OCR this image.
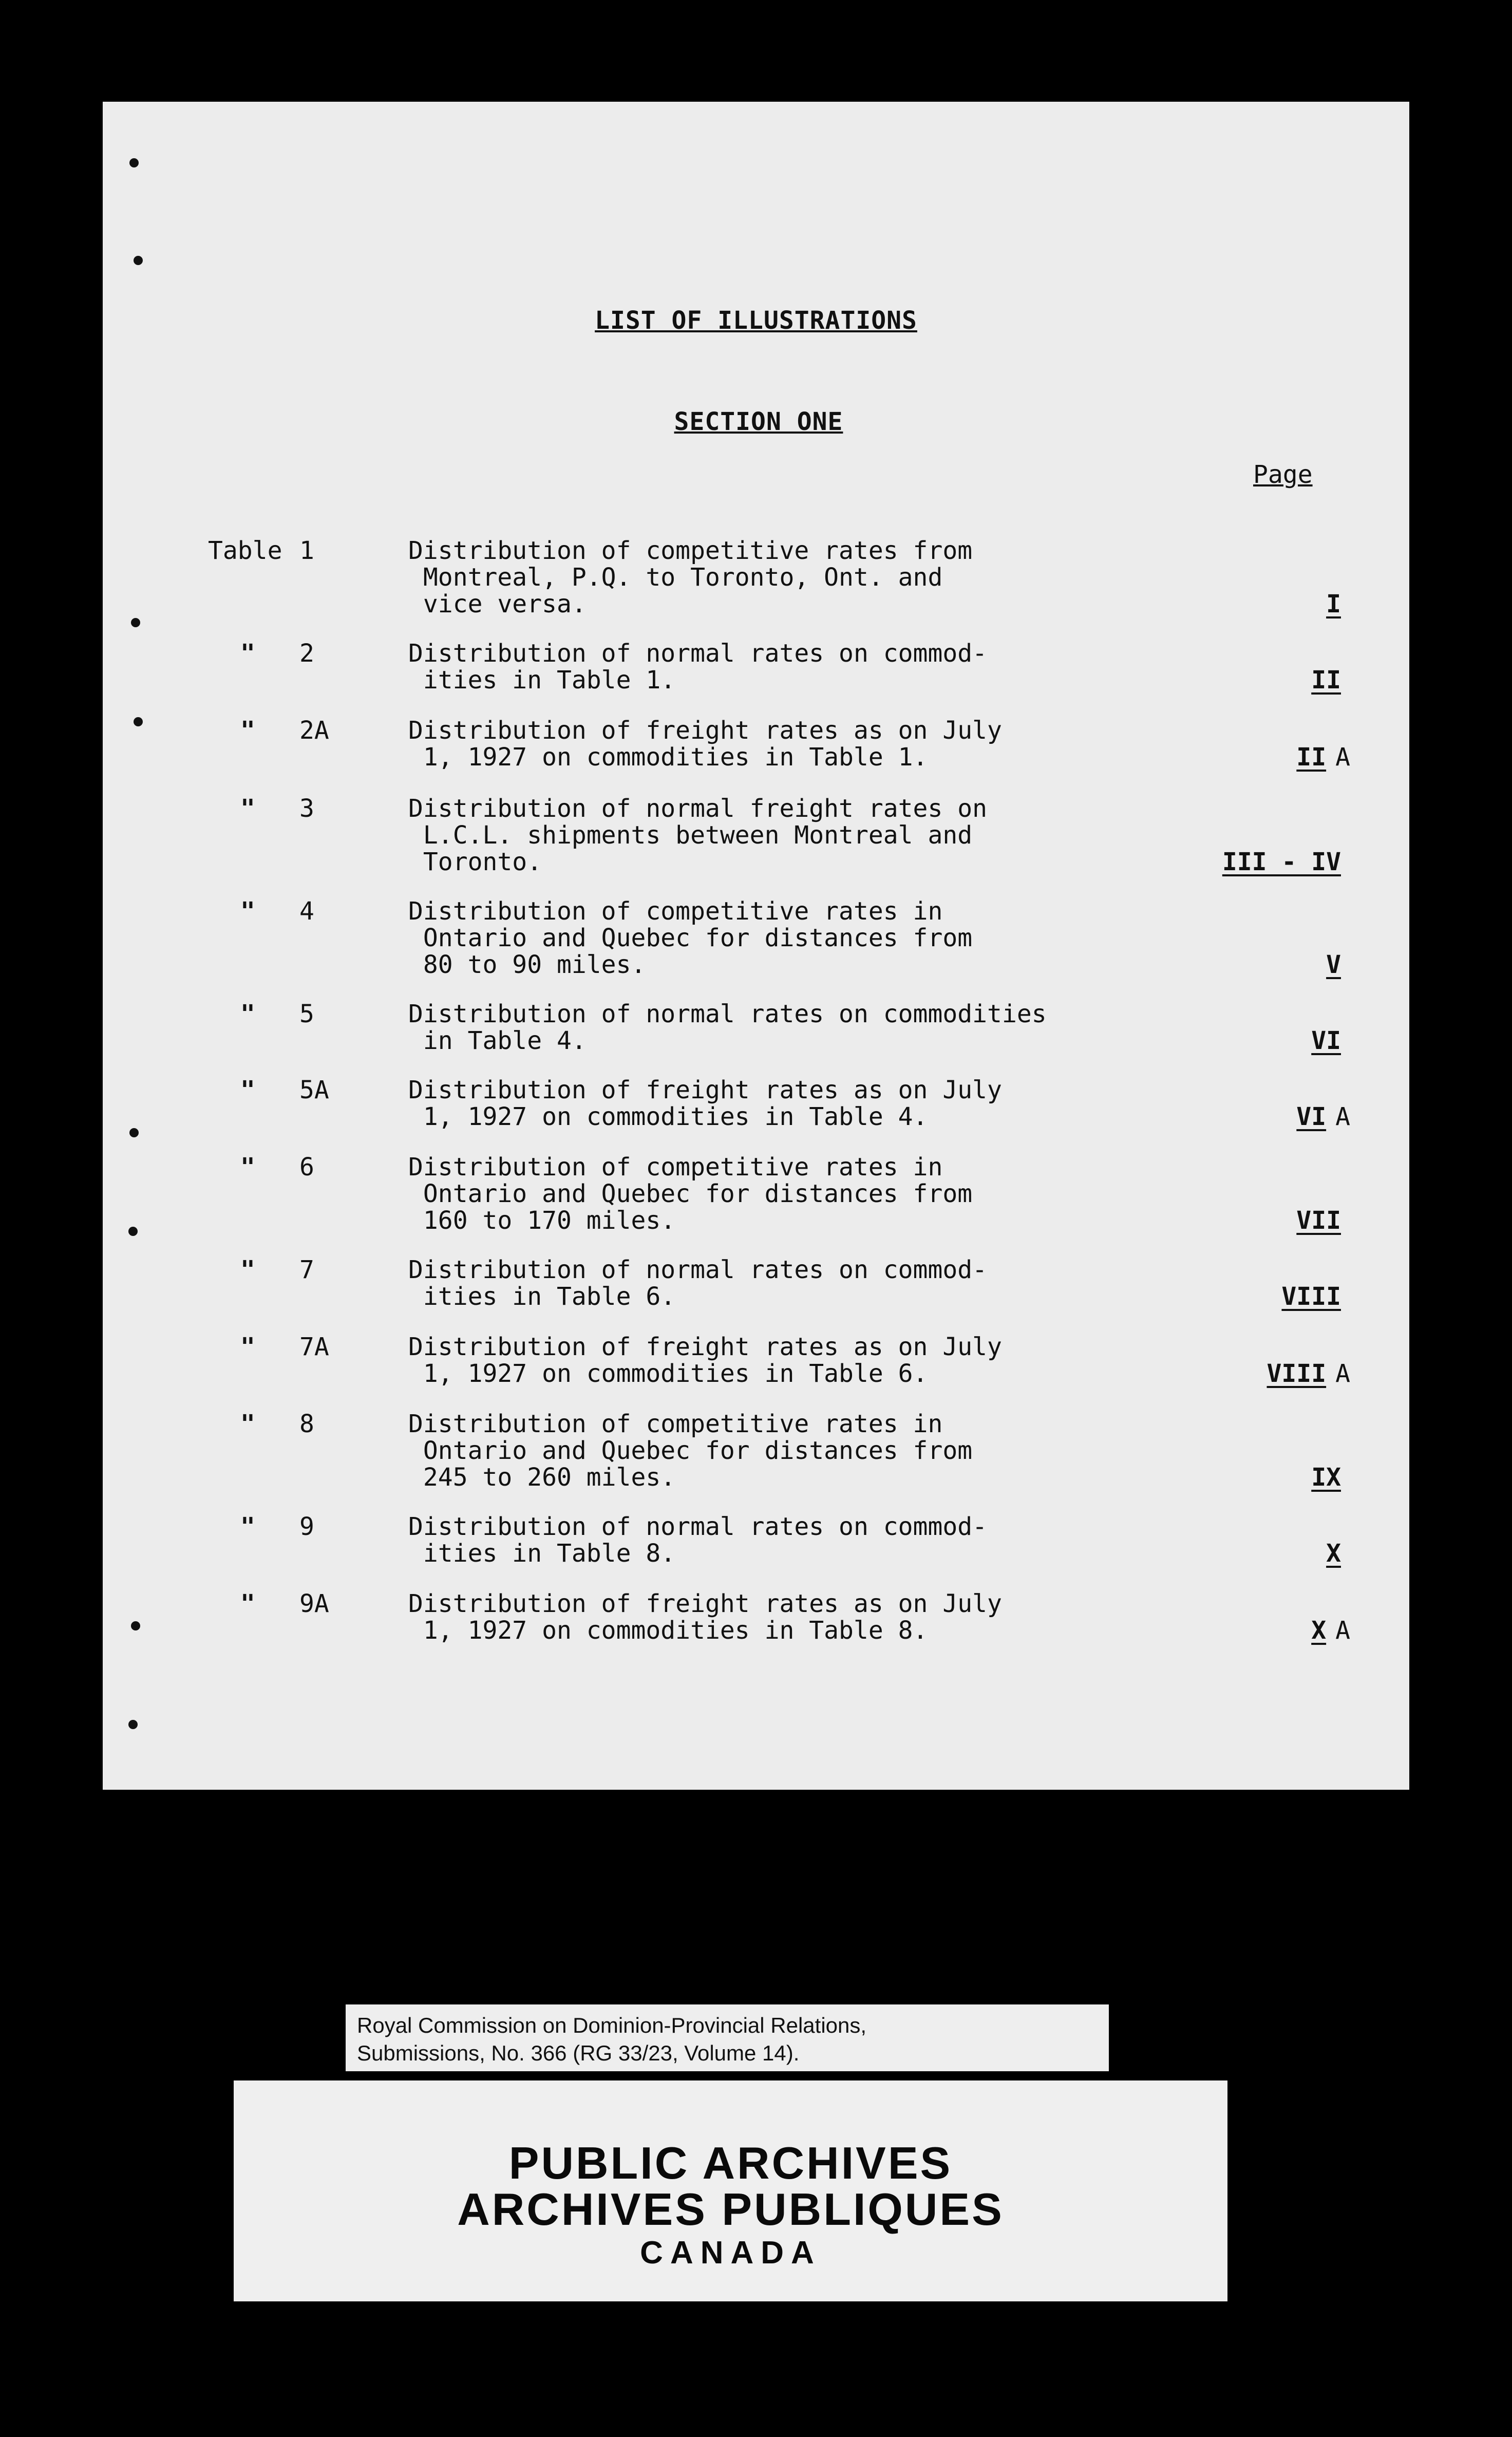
LIST OF ILLUSTRATIONS
SECTION ONE
Page
Table 1	Distribution of competitive rates from
Montreal, P.Q. to Toronto, Ont. and
vice versa.	I
" 2	Distribution of normal rates on commod-
ities in Table 1.	II
" 2A	Distribution of freight rates as on July
1, 1927 on commodities in Table 1.	II A
" 3	Distribution of normal freight rates on
L.C.L. shipments between Montreal and
Toronto.	III - IV
" 4	Distribution of competitive rates in
Ontario and Quebec for distances from
80 to 90 miles.	V
" 5	Distribution of normal rates on commodities
in Table 4.	VI
" 5A	Distribution of freight rates as on July
1, 1927 on commodities in Table 4.	VI A
" 6	Distribution of competitive rates in
Ontario and Quebec for distances from
160 to 170 miles.	VII
" 7	Distribution of normal rates on commod-
ities in Table 6.	VIII
" 7A	Distribution of freight rates as on July
1, 1927 on commodities in Table 6.	VIII A
" 8	Distribution of competitive rates in
Ontario and Quebec for distances from
245 to 260 miles.	IX
" 9	Distribution of normal rates on commod-
ities in Table 8.	X
" 9A	Distribution of freight rates as on July
1, 1927 on commodities in Table 8.	X A
Royal Commission on Dominion-Provincial Relations,
Submissions, No. 366 (RG 33/23, Volume 14).
PUBLIC ARCHIVES
ARCHIVES PUBLIQUES
CANADA
